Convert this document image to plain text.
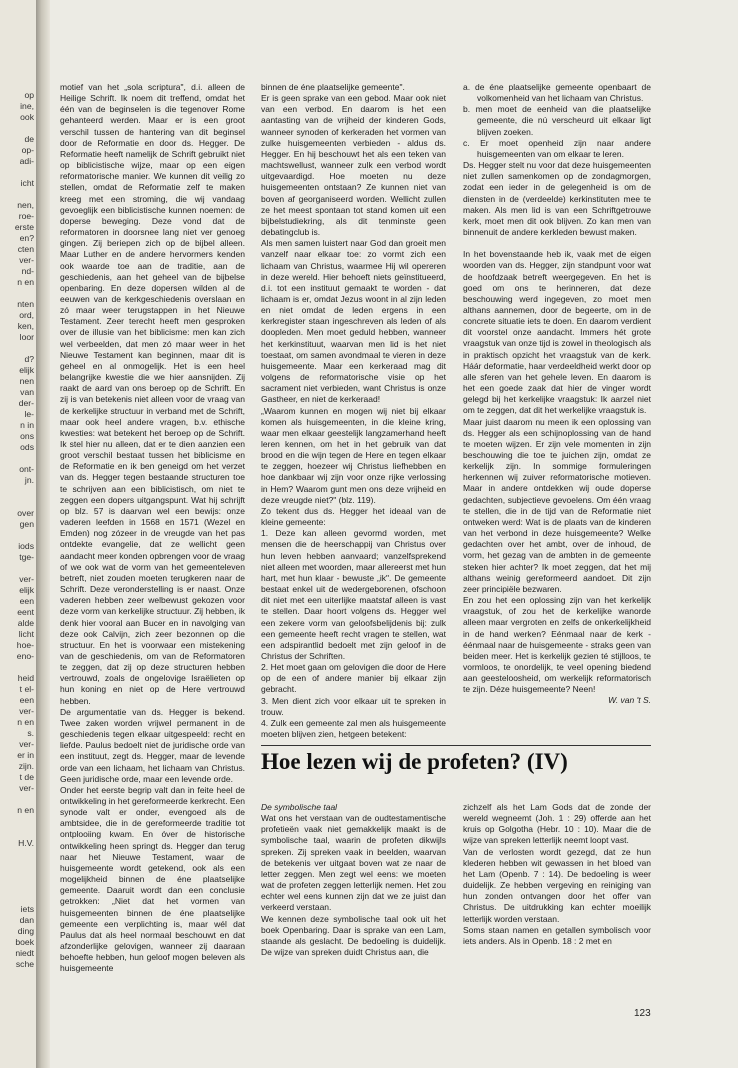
op
ine,
ook
de
op-
adi-
icht
nen,
roe-
erste
en?
cten
ver-
nd-
n en
nten
ord,
ken,
loor
d?
elijk
nen
van
der-
le-
n in
ons
ods
ont-
jn.
over
gen
iods
tge-
ver-
elijk
een
eent
alde
licht
hoe-
eno-
heid
t el-
een
ver-
n en
s.
ver-
er in
zijn.
t de
ver-
n en
H.V.
iets
dan
ding
boek
niedt
sche

motief van het „sola scriptura", d.i. alleen de Heilige Schrift. Ik noem dit treffend, omdat het één van de beginselen is die tegenover Rome gehanteerd werden. Maar er is een groot verschil tussen de hantering van dit beginsel door de Reformatie en door ds. Hegger. De Reformatie heeft namelijk de Schrift gebruikt niet op biblicistische wijze, maar op een eigen reformatorische manier. We kunnen dit veilig zo stellen, omdat de Reformatie zelf te maken kreeg met een stroming, die wij vandaag gevoeglijk een biblicistische kunnen noemen: de doperse beweging. Deze vond dat de reformatoren in doorsnee lang niet ver genoeg gingen. Zij beriepen zich op de bijbel alleen. Maar Luther en de andere hervormers kenden ook waarde toe aan de traditie, aan de geschiedenis, aan het geheel van de bijbelse openbaring. En deze dopersen wilden al de eeuwen van de kerkgeschiedenis overslaan en zó maar weer terugstappen in het Nieuwe Testament. Zeer terecht heeft men gesproken over de illusie van het biblicisme: men kan zich wel verbeelden, dat men zó maar weer in het Nieuwe Testament kan beginnen, maar dit is geheel en al onmogelijk. Het is een heel belangrijke kwestie die we hier aansnijden. Zij raakt de aard van ons beroep op de Schrift. En zij is van betekenis niet alleen voor de vraag van de kerkelijke structuur in verband met de Schrift, maar ook heel andere vragen, b.v. ethische kwesties: wat betekent het beroep op de Schrift. Ik stel hier nu alleen, dat er te dien aanzien een groot verschil bestaat tussen het biblicisme en de Reformatie en ik ben geneigd om het verzet van ds. Hegger tegen bestaande structuren toe te schrijven aan een biblicistisch, om niet te zeggen een dopers uitgangspunt. Wat hij schrijft op blz. 57 is daarvan wel een bewijs: onze vaderen leefden in 1568 en 1571 (Wezel en Emden) nog zózeer in de vreugde van het pas ontdekte evangelie, dat ze wellicht geen aandacht meer konden opbrengen voor de vraag of we ook wat de vorm van het gemeenteleven betreft, niet zouden moeten terugkeren naar de Schrift. Deze veronderstelling is er naast. Onze vaderen hebben zeer welbewust gekozen voor deze vorm van kerkelijke structuur. Zij hebben, ik denk hier vooral aan Bucer en in navolging van deze ook Calvijn, zich zeer bezonnen op die structuur. En het is voorwaar een mistekening van de geschiedenis, om van de Reformatoren te zeggen, dat zij op deze structuren hebben vertrouwd, zoals de ongelovige Israëlieten op hun koning en niet op de Here vertrouwd hebben.

De argumentatie van ds. Hegger is bekend. Twee zaken worden vrijwel permanent in de geschiedenis tegen elkaar uitgespeeld: recht en liefde. Paulus bedoelt niet de juridische orde van een instituut, zegt ds. Hegger, maar de levende orde van een lichaam, het lichaam van Christus. Geen juridische orde, maar een levende orde.

Onder het eerste begrip valt dan in feite heel de ontwikkeling in het gereformeerde kerkrecht. Een synode valt er onder, evengoed als de ambtsidee, die in de gereformeerde traditie tot ontplooiing kwam. En óver de historische ontwikkeling heen springt ds. Hegger dan terug naar het Nieuwe Testament, waar de huisgemeente wordt getekend, ook als een mogelijkheid binnen de éne plaatselijke gemeente. Daaruit wordt dan een conclusie getrokken: „Niet dat het vormen van huisgemeenten binnen de éne plaatselijke gemeente een verplichting is, maar wél dat Paulus dat als heel normaal beschouwt en dat afzonderlijke gelovigen, wanneer zij daaraan behoefte hebben, hun geloof mogen beleven als huisgemeente

binnen de éne plaatselijke gemeente".

Er is geen sprake van een gebod. Maar ook niet van een verbod. En daarom is het een aantasting van de vrijheid der kinderen Gods, wanneer synoden of kerkeraden het vormen van zulke huisgemeenten verbieden - aldus ds. Hegger. En hij beschouwt het als een teken van machtswellust, wanneer zulk een verbod wordt uitgevaardigd. Hoe moeten nu deze huisgemeenten ontstaan? Ze kunnen niet van boven af georganiseerd worden. Wellicht zullen ze het meest spontaan tot stand komen uit een bijbelstudiekring, als dit tenminste geen debatingclub is.

Als men samen luistert naar God dan groeit men vanzelf naar elkaar toe: zo vormt zich een lichaam van Christus, waarmee Hij wil opereren in deze wereld. Hier behoeft niets geïnstitueerd, d.i. tot een instituut gemaakt te worden - dat lichaam is er, omdat Jezus woont in al zijn leden en niet omdat de leden ergens in een kerkregister staan ingeschreven als leden of als doopleden. Men moet geduld hebben, wanneer het kerkinstituut, waarvan men lid is het niet toestaat, om samen avondmaal te vieren in deze huisgemeente. Maar een kerkeraad mag dit volgens de reformatorische visie op het sacrament niet verbieden, want Christus is onze Gastheer, en niet de kerkeraad!

„Waarom kunnen en mogen wij niet bij elkaar komen als huisgemeenten, in die kleine kring, waar men elkaar geestelijk langzamerhand heeft leren kennen, om het in het gebruik van dat brood en die wijn tegen de Here en tegen elkaar te zeggen, hoezeer wij Christus liefhebben en hoe dankbaar wij zijn voor onze rijke verlossing in Hem? Waarom gunt men ons deze vrijheid en deze vreugde niet?" (blz. 119).

Zo tekent dus ds. Hegger het ideaal van de kleine gemeente:

1. Deze kan alleen gevormd worden, met mensen die de heerschappij van Christus over hun leven hebben aanvaard; vanzelfsprekend niet alleen met woorden, maar allereerst met hun hart, met hun klaar - bewuste „ik". De gemeente bestaat enkel uit de wedergeborenen, ofschoon dit niet met een uiterlijke maatstaf alleen is vast te stellen. Daar hoort volgens ds. Hegger wel een zekere vorm van geloofsbelijdenis bij: zulk een gemeente heeft recht vragen te stellen, wat een adspirantlid bedoelt met zijn geloof in de Christus der Schriften.

2. Het moet gaan om gelovigen die door de Here op de een of andere manier bij elkaar zijn gebracht.

3. Men dient zich voor elkaar uit te spreken in trouw.

4. Zulk een gemeente zal men als huisgemeente moeten blijven zien, hetgeen betekent:

a. de éne plaatselijke gemeente openbaart de volkomenheid van het lichaam van Christus.

b. men moet de eenheid van die plaatselijke gemeente, die nú verscheurd uit elkaar ligt blijven zoeken.

c. Er moet openheid zijn naar andere huisgemeenten van om elkaar te leren.

Ds. Hegger stelt nu voor dat deze huisgemeenten niet zullen samenkomen op de zondagmorgen, zodat een ieder in de gelegenheid is om de diensten in de (verdeelde) kerkinstituten mee te maken. Als men lid is van een Schriftgetrouwe kerk, moet men dit ook blijven. Zo kan men van binnenuit de andere kerkleden bewust maken.

In het bovenstaande heb ik, vaak met de eigen woorden van ds. Hegger, zijn standpunt voor wat de hoofdzaak betreft weergegeven. En het is goed om ons te herinneren, dat deze beschouwing werd ingegeven, zo moet men althans aannemen, door de begeerte, om in de concrete situatie iets te doen. En daarom verdient dit voorstel onze aandacht. Immers hét grote vraagstuk van onze tijd is zowel in theologisch als in praktisch opzicht het vraagstuk van de kerk. Háár deformatie, haar verdeeldheid werkt door op alle sferen van het gehele leven. En daarom is het een goede zaak dat hier de vinger wordt gelegd bij het kerkelijke vraagstuk: Ik aarzel niet om te zeggen, dat dit het werkelijke vraagstuk is.

Maar juist daarom nu meen ik een oplossing van ds. Hegger als een schijnoplossing van de hand te moeten wijzen. Er zijn vele momenten in zijn beschouwing die toe te juichen zijn, omdat ze kerkelijk zijn. In sommige formuleringen herkennen wij zuiver reformatorische motieven. Maar in andere ontdekken wij oude doperse gedachten, subjectieve gevoelens. Om één vraag te stellen, die in de tijd van de Reformatie niet ontweken werd: Wat is de plaats van de kinderen van het verbond in deze huisgemeente? Welke gedachten over het ambt, over de inhoud, de vorm, het gezag van de ambten in de gemeente steken hier achter? Ik moet zeggen, dat het mij althans weinig gereformeerd aandoet. Dit zijn zeer principiële bezwaren.

En zou het een oplossing zijn van het kerkelijk vraagstuk, of zou het de kerkelijke wanorde alleen maar vergroten en zelfs de onkerkelijkheid in de hand werken? Eénmaal naar de kerk - éénmaal naar de huisgemeente - straks geen van beiden meer. Het is kerkelijk gezien té stijlloos, te vormloos, te onordelijk, te veel opening biedend aan geesteloosheid, om werkelijk reformatorisch te zijn. Déze huisgemeente? Neen!

W. van 't S.

Hoe lezen wij de profeten? (IV)

De symbolische taal

Wat ons het verstaan van de oudtestamentische profetieën vaak niet gemakkelijk maakt is de symbolische taal, waarin de profeten dikwijls spreken. Zij spreken vaak in beelden, waarvan de betekenis ver uitgaat boven wat ze naar de letter zeggen. Men zegt wel eens: we moeten wat de profeten zeggen letterlijk nemen. Het zou echter wel eens kunnen zijn dat we ze juist dan verkeerd verstaan.

We kennen deze symbolische taal ook uit het boek Openbaring. Daar is sprake van een Lam, staande als geslacht. De bedoeling is duidelijk. De wijze van spreken duidt Christus aan, die

zichzelf als het Lam Gods dat de zonde der wereld wegneemt (Joh. 1 : 29) offerde aan het kruis op Golgotha (Hebr. 10 : 10). Maar die de wijze van spreken letterlijk neemt loopt vast.

Van de verlosten wordt gezegd, dat ze hun klederen hebben wit gewassen in het bloed van het Lam (Openb. 7 : 14). De bedoeling is weer duidelijk. Ze hebben vergeving en reiniging van hun zonden ontvangen door het offer van Christus. De uitdrukking kan echter moeilijk letterlijk worden verstaan.

Soms staan namen en getallen symbolisch voor iets anders. Als in Openb. 18 : 2 met en

123
